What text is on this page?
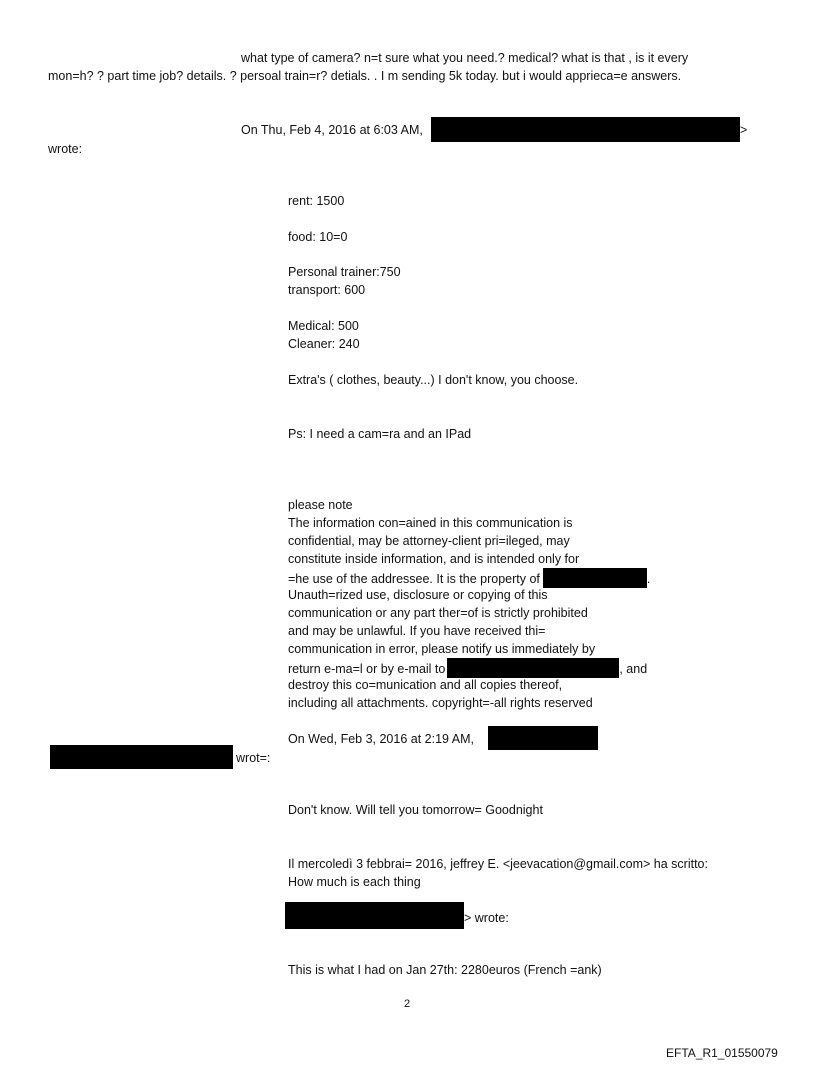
what type of camera? n=t sure what you need.? medical? what is that , is it every

mon=h? ? part time job? details. ? persoal train=r? detials. . I m sending 5k today. but i would apprieca=e answers.

On Thu, Feb 4, 2016 at 6:03 AM,	>

wrote:

rent: 1500

food: 10=0

Personal trainer:750

transport: 600

Medical: 500

Cleaner: 240

Extra's ( clothes, beauty...) I don't know, you choose.

Ps: I need a cam=ra and an IPad

please note
The information con=ained in this communication is
confidential, may be attorney-client pri=ileged, may
constitute inside information, and is intended only for
=he use of the addressee. It is the property of	.
Unauth=rized use, disclosure or copying of this
communication or any part ther=of is strictly prohibited
and may be unlawful. If you have received thi=
communication in error, please notify us immediately by
return e-ma=l or by e-mail to	, and
destroy this co=munication and all copies thereof,
including all attachments. copyright=-all rights reserved

On Wed, Feb 3, 2016 at 2:19 AM,

wrot=:

Don't know. Will tell you tomorrow= Goodnight

Il mercoledì 3 febbrai= 2016, jeffrey E. <jeevacation@gmail.com> ha scritto:

How much is each thing

> wrote:

This is what I had on Jan 27th: 2280euros (French =ank)

2

EFTA_R1_01550079
